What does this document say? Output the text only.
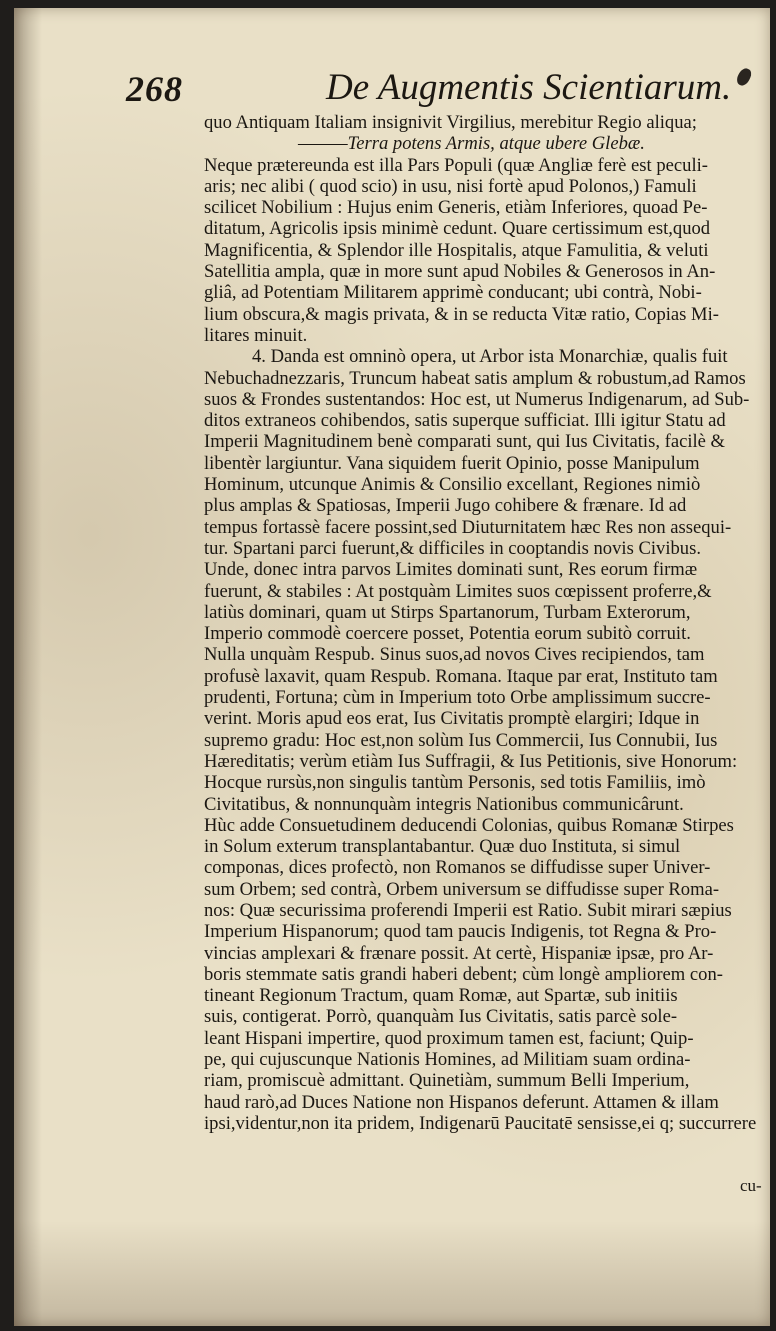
268	De Augmentis Scientiarum.
quo Antiquam Italiam insignivit Virgilius, merebitur Regio aliqua;
———Terra potens Armis, atque ubere Glebæ.
Neque prætereunda est illa Pars Populi (quæ Angliæ ferè est peculi-
aris; nec alibi ( quod scio) in usu, nisi fortè apud Polonos,) Famuli
scilicet Nobilium : Hujus enim Generis, etiàm Inferiores, quoad Pe-
ditatum, Agricolis ipsis minimè cedunt. Quare certissimum est,quod
Magnificentia, & Splendor ille Hospitalis, atque Famulitia, & veluti
Satellitia ampla, quæ in more sunt apud Nobiles & Generosos in An-
gliâ, ad Potentiam Militarem apprimè conducant; ubi contrà, Nobi-
lium obscura,& magis privata, & in se reducta Vitæ ratio, Copias Mi-
litares minuit.
4. Danda est omninò opera, ut Arbor ista Monarchiæ, qualis fuit
Nebuchadnezzaris, Truncum habeat satis amplum & robustum,ad Ramos
suos & Frondes sustentandos: Hoc est, ut Numerus Indigenarum, ad Sub-
ditos extraneos cohibendos, satis superque sufficiat. Illi igitur Statu ad
Imperii Magnitudinem benè comparati sunt, qui Ius Civitatis, facilè &
libentèr largiuntur. Vana siquidem fuerit Opinio, posse Manipulum
Hominum, utcunque Animis & Consilio excellant, Regiones nimiò
plus amplas & Spatiosas, Imperii Jugo cohibere & frænare. Id ad
tempus fortassè facere possint,sed Diuturnitatem hæc Res non assequi-
tur. Spartani parci fuerunt,& difficiles in cooptandis novis Civibus.
Unde, donec intra parvos Limites dominati sunt, Res eorum firmæ
fuerunt, & stabiles : At postquàm Limites suos cœpissent proferre,&
latiùs dominari, quam ut Stirps Spartanorum, Turbam Exterorum,
Imperio commodè coercere posset, Potentia eorum subitò corruit.
Nulla unquàm Respub. Sinus suos,ad novos Cives recipiendos, tam
profusè laxavit, quam Respub. Romana. Itaque par erat, Instituto tam
prudenti, Fortuna; cùm in Imperium toto Orbe amplissimum succre-
verint. Moris apud eos erat, Ius Civitatis promptè elargiri; Idque in
supremo gradu: Hoc est,non solùm Ius Commercii, Ius Connubii, Ius
Hæreditatis; verùm etiàm Ius Suffragii, & Ius Petitionis, sive Honorum:
Hocque rursùs,non singulis tantùm Personis, sed totis Familiis, imò
Civitatibus, & nonnunquàm integris Nationibus communicârunt.
Hùc adde Consuetudinem deducendi Colonias, quibus Romanæ Stirpes
in Solum exterum transplantabantur. Quæ duo Instituta, si simul
componas, dices profectò, non Romanos se diffudisse super Univer-
sum Orbem; sed contrà, Orbem universum se diffudisse super Roma-
nos: Quæ securissima proferendi Imperii est Ratio. Subit mirari sæpius
Imperium Hispanorum; quod tam paucis Indigenis, tot Regna & Pro-
vincias amplexari & frænare possit. At certè, Hispaniæ ipsæ, pro Ar-
boris stemmate satis grandi haberi debent; cùm longè ampliorem con-
tineant Regionum Tractum, quam Romæ, aut Spartæ, sub initiis
suis, contigerat. Porrò, quanquàm Ius Civitatis, satis parcè sole-
leant Hispani impertire, quod proximum tamen est, faciunt; Quip-
pe, qui cujuscunque Nationis Homines, ad Militiam suam ordina-
riam, promiscuè admittant. Quinetiàm, summum Belli Imperium,
haud rarò,ad Duces Natione non Hispanos deferunt. Attamen & illam
ipsi,videntur,non ita pridem, Indigenarū Paucitatē sensisse,ei q; succurrere
cu-
